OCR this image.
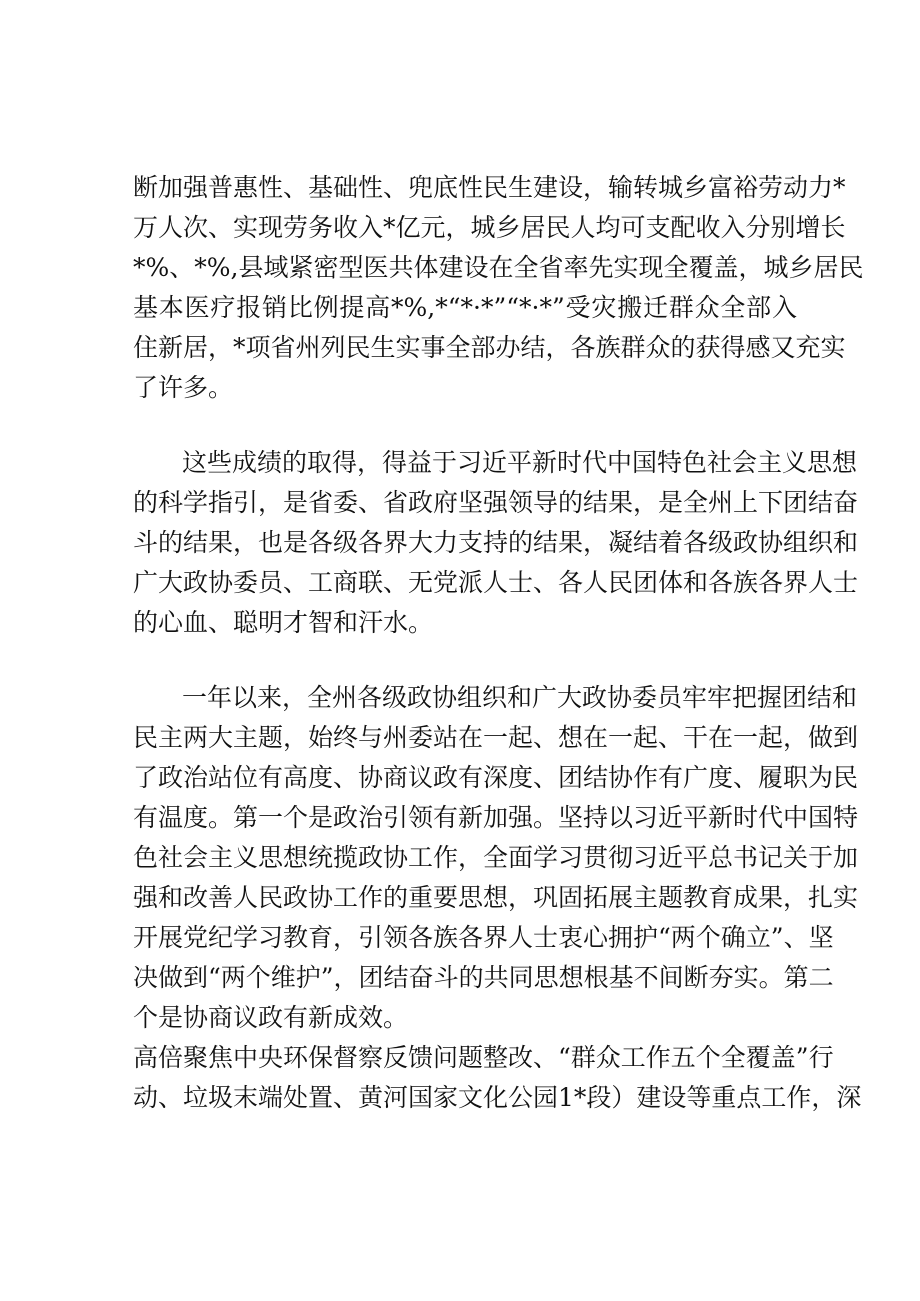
断加强普惠性、基础性、兜底性民生建设，输转城乡富裕劳动力*
万人次、实现劳务收入*亿元，城乡居民人均可支配收入分别增长
*%、*%,县域紧密型医共体建设在全省率先实现全覆盖，城乡居民
基本医疗报销比例提高*%,*“*·*”“*·*”受灾搬迁群众全部入
住新居，*项省州列民生实事全部办结，各族群众的获得感又充实
了许多。
这些成绩的取得，得益于习近平新时代中国特色社会主义思想
的科学指引，是省委、省政府坚强领导的结果，是全州上下团结奋
斗的结果，也是各级各界大力支持的结果，凝结着各级政协组织和
广大政协委员、工商联、无党派人士、各人民团体和各族各界人士
的心血、聪明才智和汗水。
一年以来，全州各级政协组织和广大政协委员牢牢把握团结和
民主两大主题，始终与州委站在一起、想在一起、干在一起，做到
了政治站位有高度、协商议政有深度、团结协作有广度、履职为民
有温度。第一个是政治引领有新加强。坚持以习近平新时代中国特
色社会主义思想统揽政协工作，全面学习贯彻习近平总书记关于加
强和改善人民政协工作的重要思想，巩固拓展主题教育成果，扎实
开展党纪学习教育，引领各族各界人士衷心拥护“两个确立”、坚
决做到“两个维护”，团结奋斗的共同思想根基不间断夯实。第二
个是协商议政有新成效。
高倍聚焦中央环保督察反馈问题整改、“群众工作五个全覆盖”行
动、垃圾末端处置、黄河国家文化公园1*段）建设等重点工作，深
